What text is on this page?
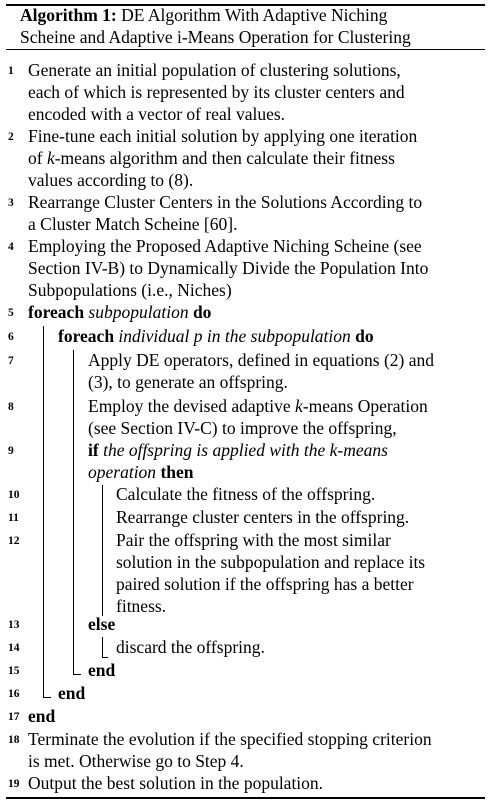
Algorithm 1: DE Algorithm With Adaptive Niching
Scheine and Adaptive i-Means Operation for Clustering
1 Generate an initial population of clustering solutions,
each of which is represented by its cluster centers and
encoded with a vector of real values.
2 Fine-tune each initial solution by applying one iteration
of k-means algorithm and then calculate their fitness
values according to (8).
3 Rearrange Cluster Centers in the Solutions According to
a Cluster Match Scheine [60].
4 Employing the Proposed Adaptive Niching Scheine (see
Section IV-B) to Dynamically Divide the Population Into
Subpopulations (i.e., Niches)
5 foreach subpopulation do
6	foreach individual p in the subpopulation do
7	Apply DE operators, defined in equations (2) and
(3), to generate an offspring.
8	Employ the devised adaptive k-means Operation
(see Section IV-C) to improve the offspring,
9	if the offspring is applied with the k-means
operation then
10	Calculate the fitness of the offspring.
11	Rearrange cluster centers in the offspring.
12	Pair the offspring with the most similar
solution in the subpopulation and replace its
paired solution if the offspring has a better
fitness.
13	else
14	discard the offspring.
15	end
16	end
17 end
18 Terminate the evolution if the specified stopping criterion
is met. Otherwise go to Step 4.
19 Output the best solution in the population.
